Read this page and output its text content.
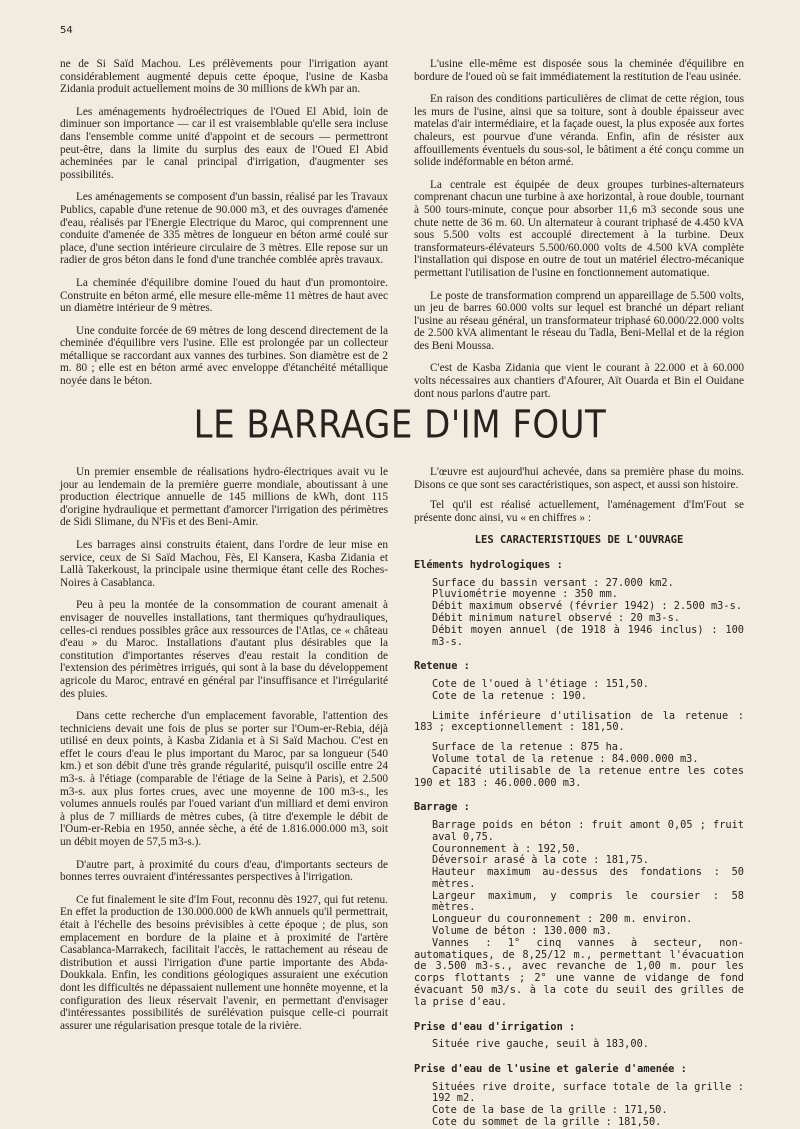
54

ne de Si Saïd Machou. Les prélèvements pour l'irrigation ayant considérablement augmenté depuis cette époque, l'usine de Kasba Zidania produit actuellement moins de 30 millions de kWh par an.

Les aménagements hydroélectriques de l'Oued El Abid, loin de diminuer son importance — car il est vraisemblable qu'elle sera incluse dans l'ensemble comme unité d'appoint et de secours — permettront peut-être, dans la limite du surplus des eaux de l'Oued El Abid acheminées par le canal principal d'irrigation, d'augmenter ses possibilités.

Les aménagements se composent d'un bassin, réalisé par les Travaux Publics, capable d'une retenue de 90.000 m3, et des ouvrages d'amenée d'eau, réalisés par l'Energie Electrique du Maroc, qui comprennent une conduite d'amenée de 335 mètres de longueur en béton armé coulé sur place, d'une section intérieure circulaire de 3 mètres. Elle repose sur un radier de gros béton dans le fond d'une tranchée comblée après travaux.

La cheminée d'équilibre domine l'oued du haut d'un promontoire. Construite en béton armé, elle mesure elle-même 11 mètres de haut avec un diamètre intérieur de 9 mètres.

Une conduite forcée de 69 mètres de long descend directement de la cheminée d'équilibre vers l'usine. Elle est prolongée par un collecteur métallique se raccordant aux vannes des turbines. Son diamètre est de 2 m. 80 ; elle est en béton armé avec enveloppe d'étanchéité métallique noyée dans le béton.

L'usine elle-même est disposée sous la cheminée d'équilibre en bordure de l'oued où se fait immédiatement la restitution de l'eau usinée.

En raison des conditions particulières de climat de cette région, tous les murs de l'usine, ainsi que sa toiture, sont à double épaisseur avec matelas d'air intermédiaire, et la façade ouest, la plus exposée aux fortes chaleurs, est pourvue d'une véranda. Enfin, afin de résister aux affouillements éventuels du sous-sol, le bâtiment a été conçu comme un solide indéformable en béton armé.

La centrale est équipée de deux groupes turbines-alternateurs comprenant chacun une turbine à axe horizontal, à roue double, tournant à 500 tours-minute, conçue pour absorber 11,6 m3 seconde sous une chute nette de 36 m. 60. Un alternateur à courant triphasé de 4.450 kVA sous 5.500 volts est accouplé directement à la turbine. Deux transformateurs-élévateurs 5.500/60.000 volts de 4.500 kVA complète l'installation qui dispose en outre de tout un matériel électro-mécanique permettant l'utilisation de l'usine en fonctionnement automatique.

Le poste de transformation comprend un appareillage de 5.500 volts, un jeu de barres 60.000 volts sur lequel est branché un départ reliant l'usine au réseau général, un transformateur triphasé 60.000/22.000 volts de 2.500 kVA alimentant le réseau du Tadla, Beni-Mellal et de la région des Beni Moussa.

C'est de Kasba Zidania que vient le courant à 22.000 et à 60.000 volts nécessaires aux chantiers d'Afourer, Aït Ouarda et Bin el Ouidane dont nous parlons d'autre part.

LE BARRAGE D'IM FOUT

Un premier ensemble de réalisations hydro-électriques avait vu le jour au lendemain de la première guerre mondiale, aboutissant à une production électrique annuelle de 145 millions de kWh, dont 115 d'origine hydraulique et permettant d'amorcer l'irrigation des périmètres de Sidi Slimane, du N'Fis et des Beni-Amir.

Les barrages ainsi construits étaient, dans l'ordre de leur mise en service, ceux de Si Saïd Machou, Fès, El Kansera, Kasba Zidania et Lallà Takerkoust, la principale usine thermique étant celle des Roches-Noires à Casablanca.

Peu à peu la montée de la consommation de courant amenait à envisager de nouvelles installations, tant thermiques qu'hydrauliques, celles-ci rendues possibles grâce aux ressources de l'Atlas, ce « château d'eau » du Maroc. Installations d'autant plus désirables que la constitution d'importantes réserves d'eau restait la condition de l'extension des périmètres irrigués, qui sont à la base du développement agricole du Maroc, entravé en général par l'insuffisance et l'irrégularité des pluies.

Dans cette recherche d'un emplacement favorable, l'attention des techniciens devait une fois de plus se porter sur l'Oum-er-Rebia, déjà utilisé en deux points, à Kasba Zidania et à Si Saïd Machou. C'est en effet le cours d'eau le plus important du Maroc, par sa longueur (540 km.) et son débit d'une très grande régularité, puisqu'il oscille entre 24 m3-s. à l'étiage (comparable de l'étiage de la Seine à Paris), et 2.500 m3-s. aux plus fortes crues, avec une moyenne de 100 m3-s., les volumes annuels roulés par l'oued variant d'un milliard et demi environ à plus de 7 milliards de mètres cubes, (à titre d'exemple le débit de l'Oum-er-Rebia en 1950, année sèche, a été de 1.816.000.000 m3, soit un débit moyen de 57,5 m3-s.).

D'autre part, à proximité du cours d'eau, d'importants secteurs de bonnes terres ouvraient d'intéressantes perspectives à l'irrigation.

Ce fut finalement le site d'Im Fout, reconnu dès 1927, qui fut retenu. En effet la production de 130.000.000 de kWh annuels qu'il permettrait, était à l'échelle des besoins prévisibles à cette époque ; de plus, son emplacement en bordure de la plaine et à proximité de l'artère Casablanca-Marrakech, facilitait l'accès, le rattachement au réseau de distribution et aussi l'irrigation d'une partie importante des Abda-Doukkala. Enfin, les conditions géologiques assuraient une exécution dont les difficultés ne dépassaient nullement une honnête moyenne, et la configuration des lieux réservait l'avenir, en permettant d'envisager d'intéressantes possibilités de surélévation puisque celle-ci pourrait assurer une régularisation presque totale de la rivière.

L'œuvre est aujourd'hui achevée, dans sa première phase du moins. Disons ce que sont ses caractéristiques, son aspect, et aussi son histoire.

Tel qu'il est réalisé actuellement, l'aménagement d'Im'Fout se présente donc ainsi, vu « en chiffres » :

LES CARACTERISTIQUES DE L'OUVRAGE
Eléments hydrologiques :
Surface du bassin versant : 27.000 km2.
Pluviométrie moyenne : 350 mm.
Débit maximum observé (février 1942) : 2.500 m3-s.
Débit minimum naturel observé : 20 m3-s.
Débit moyen annuel (de 1918 à 1946 inclus) : 100 m3-s.
Retenue :
Cote de l'oued à l'étiage : 151,50.
Cote de la retenue : 190.
Limite inférieure d'utilisation de la retenue : 183 ; exceptionnellement : 181,50.
Surface de la retenue : 875 ha.
Volume total de la retenue : 84.000.000 m3.
Capacité utilisable de la retenue entre les cotes 190 et 183 : 46.000.000 m3.
Barrage :
Barrage poids en béton : fruit amont 0,05 ; fruit aval 0,75.
Couronnement à : 192,50.
Déversoir arasé à la cote : 181,75.
Hauteur maximum au-dessus des fondations : 50 mètres.
Largeur maximum, y compris le coursier : 58 mètres.
Longueur du couronnement : 200 m. environ.
Volume de béton : 130.000 m3.
Vannes : 1° cinq vannes à secteur, non-automatiques, de 8,25/12 m., permettant l'évacuation de 3.500 m3-s., avec revanche de 1,00 m. pour les corps flottants ; 2° une vanne de vidange de fond évacuant 50 m3/s. à la cote du seuil des grilles de la prise d'eau.
Prise d'eau d'irrigation :
Située rive gauche, seuil à 183,00.
Prise d'eau de l'usine et galerie d'amenée :
Situées rive droite, surface totale de la grille : 192 m2.
Cote de la base de la grille : 171,50.
Cote du sommet de la grille : 181,50.
